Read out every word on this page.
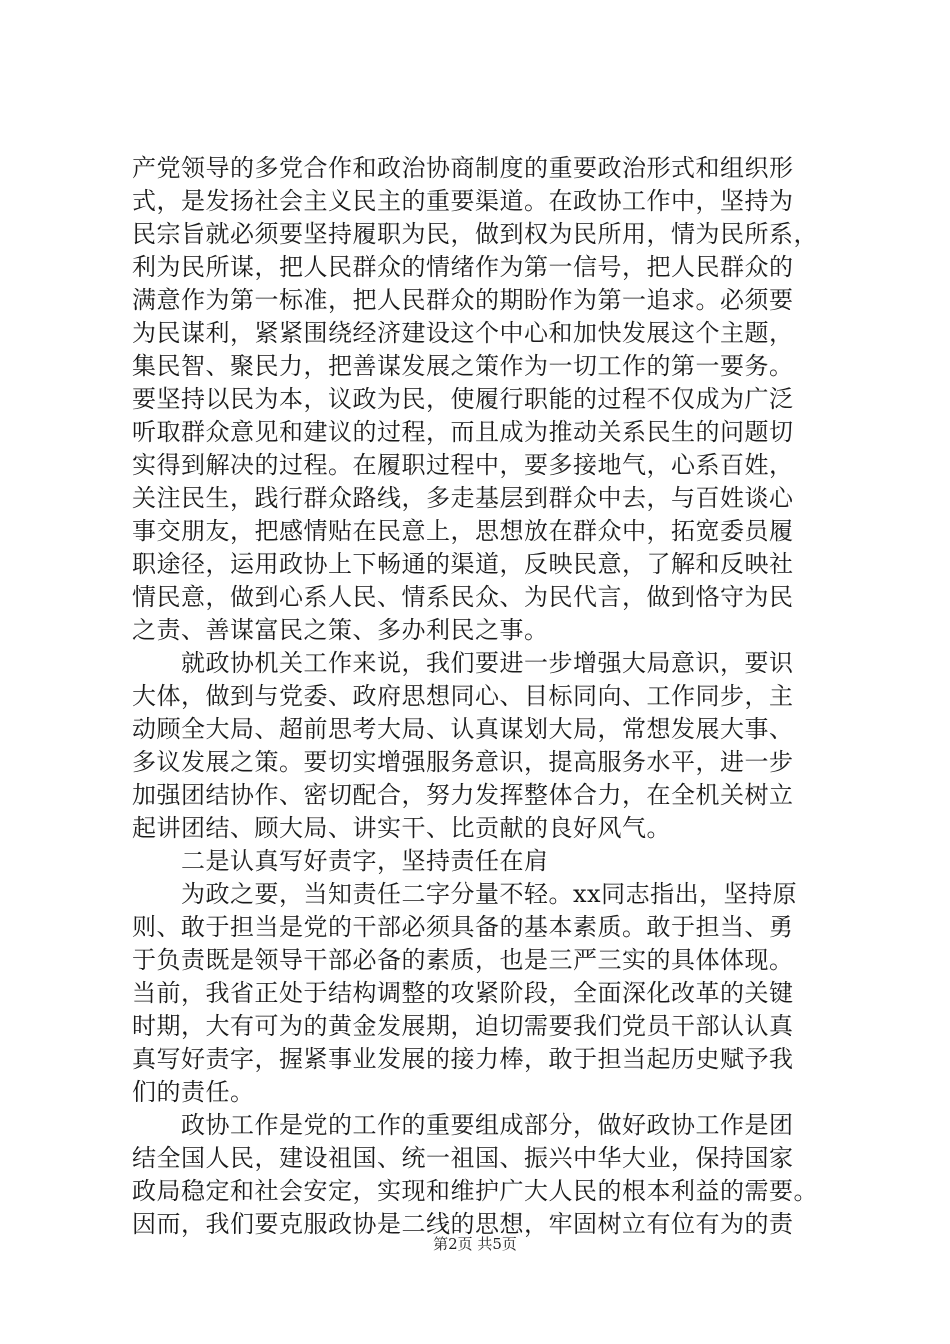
产党领导的多党合作和政治协商制度的重要政治形式和组织形
式，是发扬社会主义民主的重要渠道。在政协工作中，坚持为
民宗旨就必须要坚持履职为民，做到权为民所用，情为民所系，
利为民所谋，把人民群众的情绪作为第一信号，把人民群众的
满意作为第一标准，把人民群众的期盼作为第一追求。必须要
为民谋利，紧紧围绕经济建设这个中心和加快发展这个主题，
集民智、聚民力，把善谋发展之策作为一切工作的第一要务。
要坚持以民为本，议政为民，使履行职能的过程不仅成为广泛
听取群众意见和建议的过程，而且成为推动关系民生的问题切
实得到解决的过程。在履职过程中，要多接地气，心系百姓，
关注民生，践行群众路线，多走基层到群众中去，与百姓谈心
事交朋友，把感情贴在民意上，思想放在群众中，拓宽委员履
职途径，运用政协上下畅通的渠道，反映民意，了解和反映社
情民意，做到心系人民、情系民众、为民代言，做到恪守为民
之责、善谋富民之策、多办利民之事。
　　就政协机关工作来说，我们要进一步增强大局意识，要识
大体，做到与党委、政府思想同心、目标同向、工作同步，主
动顾全大局、超前思考大局、认真谋划大局，常想发展大事、
多议发展之策。要切实增强服务意识，提高服务水平，进一步
加强团结协作、密切配合，努力发挥整体合力，在全机关树立
起讲团结、顾大局、讲实干、比贡献的良好风气。
　　二是认真写好责字，坚持责任在肩
　　为政之要，当知责任二字分量不轻。xx同志指出，坚持原
则、敢于担当是党的干部必须具备的基本素质。敢于担当、勇
于负责既是领导干部必备的素质，也是三严三实的具体体现。
当前，我省正处于结构调整的攻紧阶段，全面深化改革的关键
时期，大有可为的黄金发展期，迫切需要我们党员干部认认真
真写好责字，握紧事业发展的接力棒，敢于担当起历史赋予我
们的责任。
　　政协工作是党的工作的重要组成部分，做好政协工作是团
结全国人民，建设祖国、统一祖国、振兴中华大业，保持国家
政局稳定和社会安定，实现和维护广大人民的根本利益的需要。
因而，我们要克服政协是二线的思想，牢固树立有位有为的责
第2页 共5页
